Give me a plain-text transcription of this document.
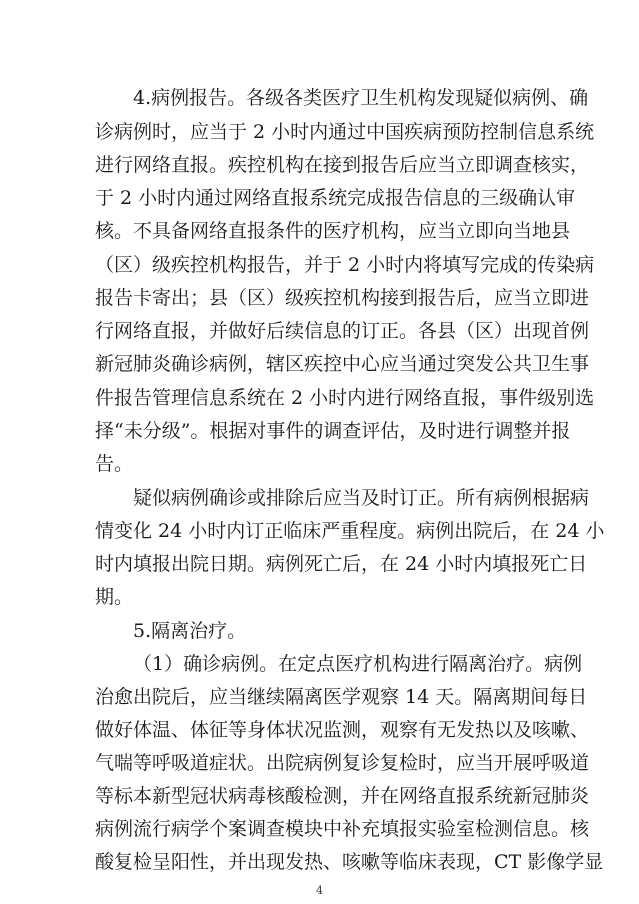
4.病例报告。各级各类医疗卫生机构发现疑似病例、确
诊病例时，应当于 2 小时内通过中国疾病预防控制信息系统
进行网络直报。疾控机构在接到报告后应当立即调查核实，
于 2 小时内通过网络直报系统完成报告信息的三级确认审
核。不具备网络直报条件的医疗机构，应当立即向当地县
（区）级疾控机构报告，并于 2 小时内将填写完成的传染病
报告卡寄出；县（区）级疾控机构接到报告后，应当立即进
行网络直报，并做好后续信息的订正。各县（区）出现首例
新冠肺炎确诊病例，辖区疾控中心应当通过突发公共卫生事
件报告管理信息系统在 2 小时内进行网络直报，事件级别选
择“未分级”。根据对事件的调查评估，及时进行调整并报
告。
疑似病例确诊或排除后应当及时订正。所有病例根据病
情变化 24 小时内订正临床严重程度。病例出院后，在 24 小
时内填报出院日期。病例死亡后，在 24 小时内填报死亡日
期。
5.隔离治疗。
（1）确诊病例。在定点医疗机构进行隔离治疗。病例
治愈出院后，应当继续隔离医学观察 14 天。隔离期间每日
做好体温、体征等身体状况监测，观察有无发热以及咳嗽、
气喘等呼吸道症状。出院病例复诊复检时，应当开展呼吸道
等标本新型冠状病毒核酸检测，并在网络直报系统新冠肺炎
病例流行病学个案调查模块中补充填报实验室检测信息。核
酸复检呈阳性，并出现发热、咳嗽等临床表现，CT 影像学显
4
